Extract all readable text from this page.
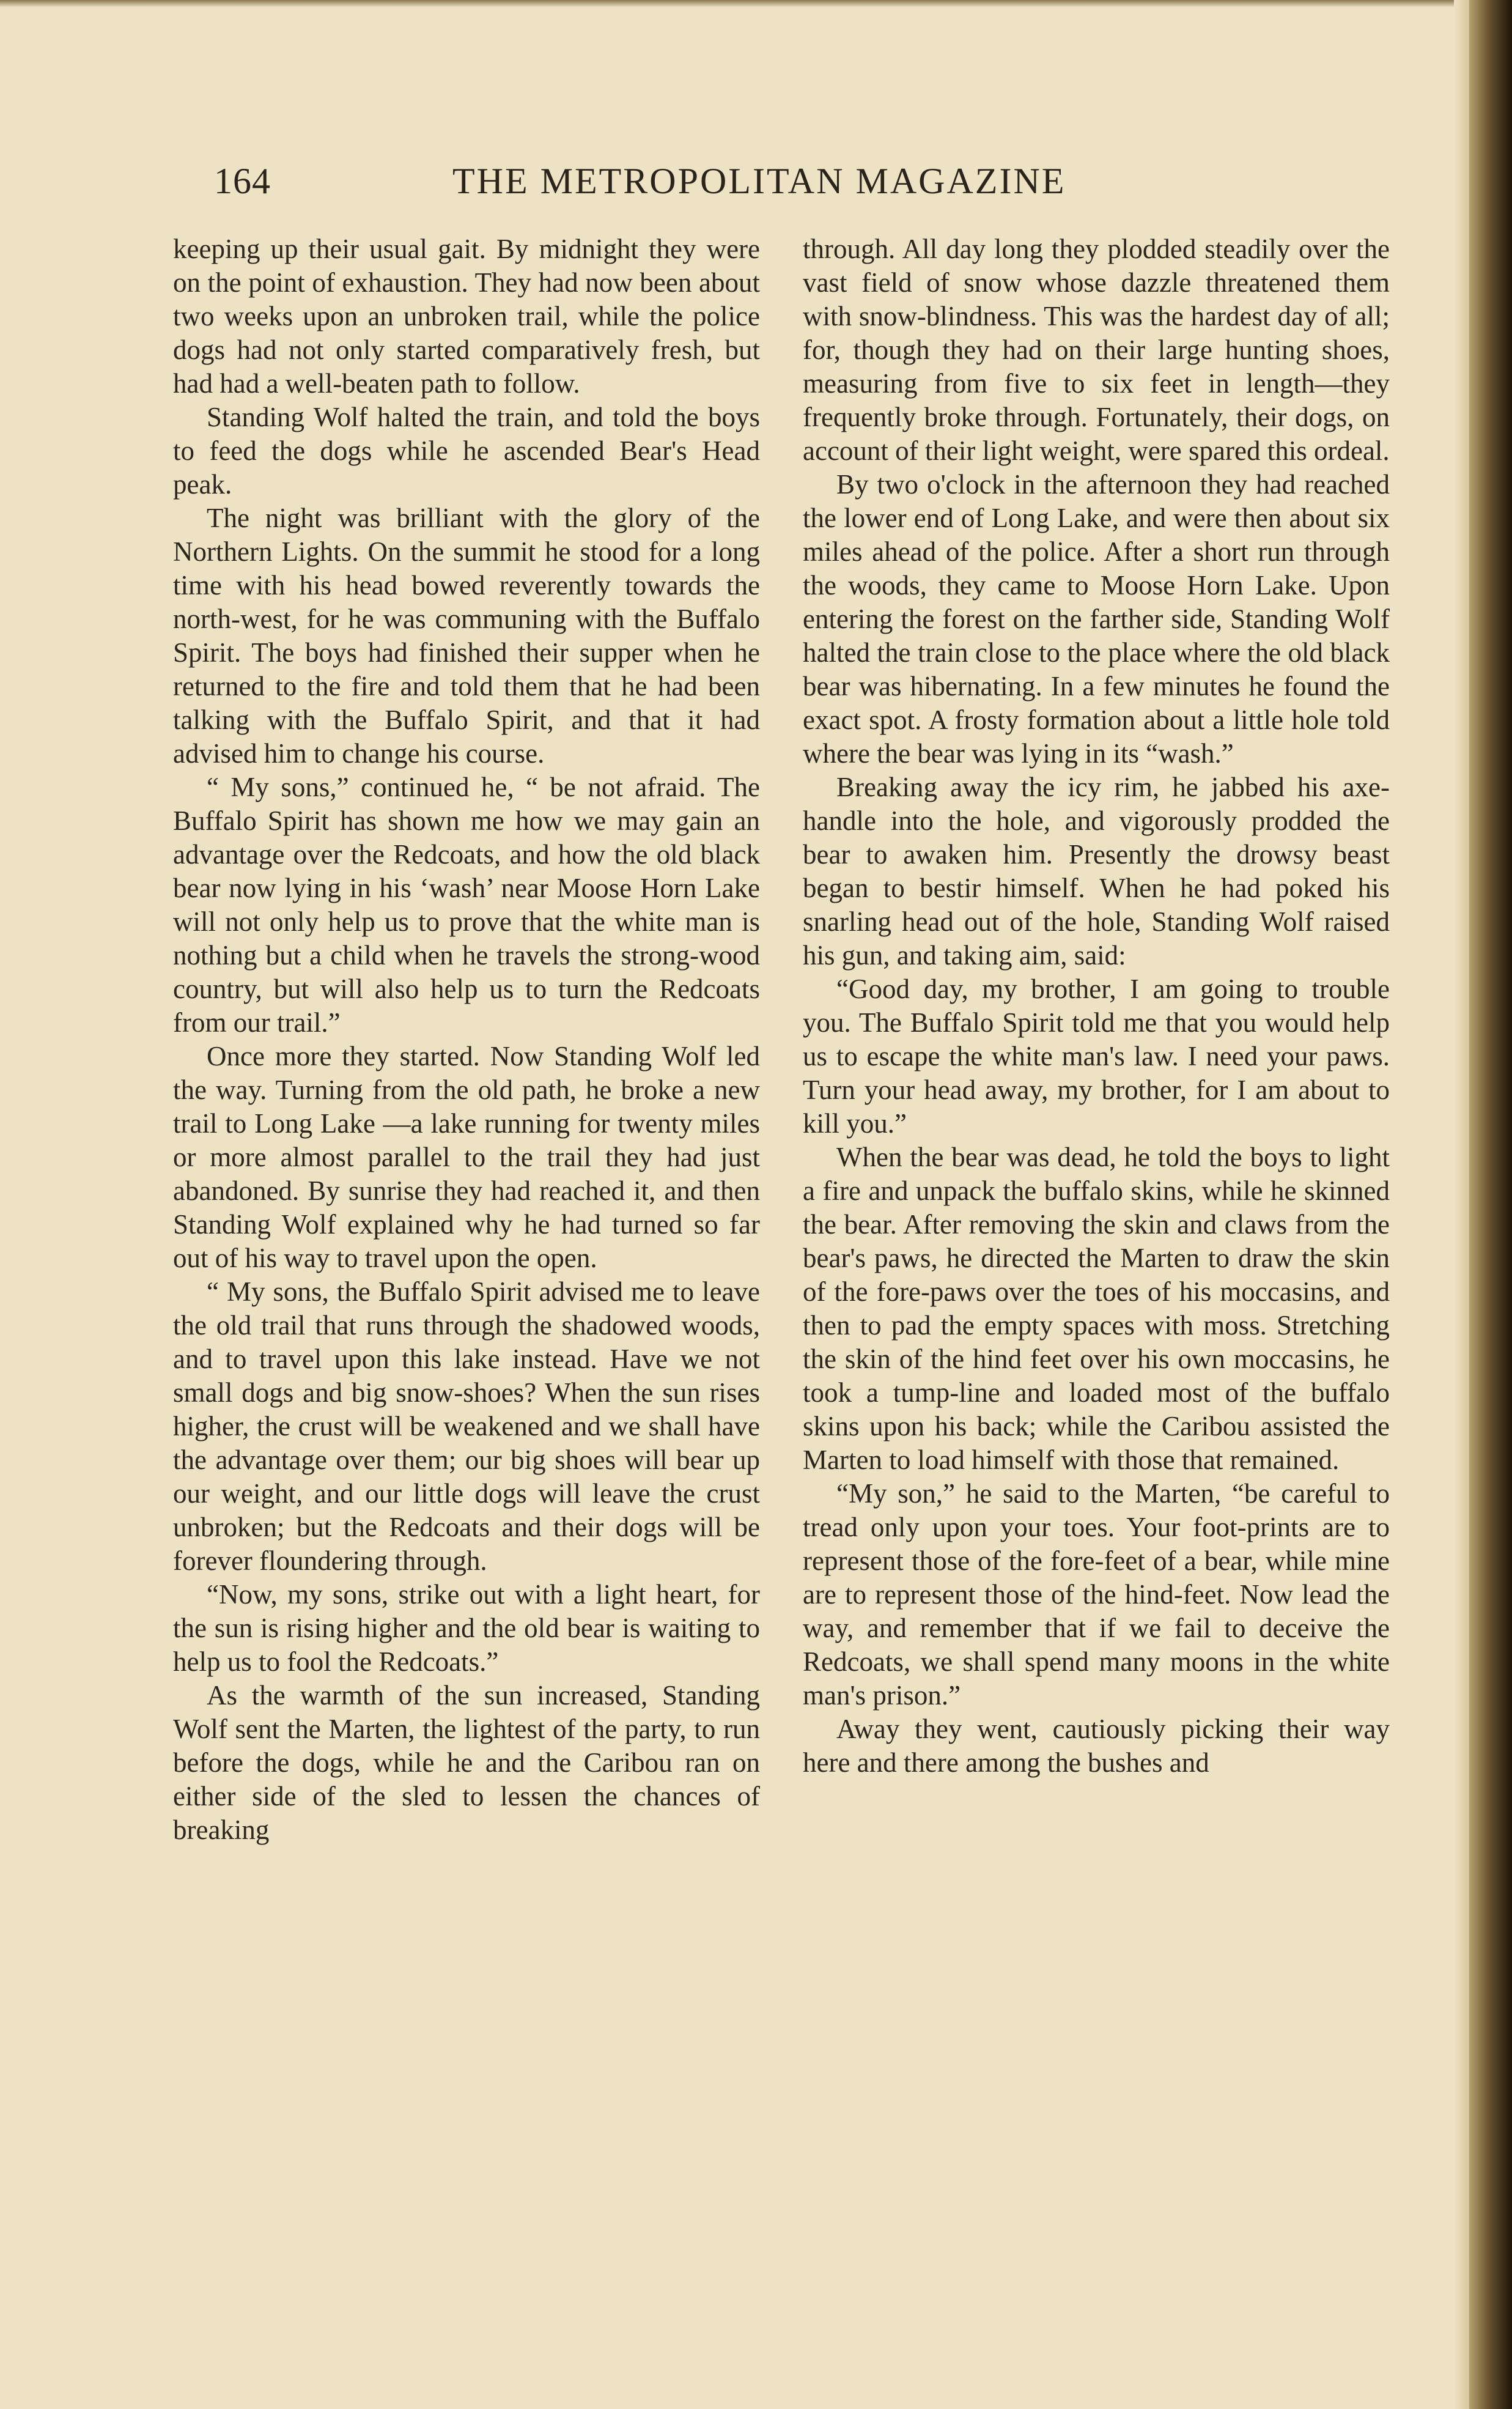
164	THE METROPOLITAN MAGAZINE

keeping up their usual gait. By midnight they were on the point of exhaustion. They had now been about two weeks upon an unbroken trail, while the police dogs had not only started comparatively fresh, but had had a well-beaten path to follow.

Standing Wolf halted the train, and told the boys to feed the dogs while he ascended Bear's Head peak.

The night was brilliant with the glory of the Northern Lights. On the summit he stood for a long time with his head bowed reverently towards the north-west, for he was communing with the Buffalo Spirit. The boys had finished their supper when he returned to the fire and told them that he had been talking with the Buffalo Spirit, and that it had advised him to change his course.

“ My sons,” continued he, “ be not afraid. The Buffalo Spirit has shown me how we may gain an advantage over the Redcoats, and how the old black bear now lying in his ‘wash’ near Moose Horn Lake will not only help us to prove that the white man is nothing but a child when he travels the strong-wood country, but will also help us to turn the Redcoats from our trail.”

Once more they started. Now Standing Wolf led the way. Turning from the old path, he broke a new trail to Long Lake —a lake running for twenty miles or more almost parallel to the trail they had just abandoned. By sunrise they had reached it, and then Standing Wolf explained why he had turned so far out of his way to travel upon the open.

“ My sons, the Buffalo Spirit advised me to leave the old trail that runs through the shadowed woods, and to travel upon this lake instead. Have we not small dogs and big snow-shoes? When the sun rises higher, the crust will be weakened and we shall have the advantage over them; our big shoes will bear up our weight, and our little dogs will leave the crust unbroken; but the Redcoats and their dogs will be forever floundering through.

“Now, my sons, strike out with a light heart, for the sun is rising higher and the old bear is waiting to help us to fool the Redcoats.”

As the warmth of the sun increased, Standing Wolf sent the Marten, the lightest of the party, to run before the dogs, while he and the Caribou ran on either side of the sled to lessen the chances of breaking

through. All day long they plodded steadily over the vast field of snow whose dazzle threatened them with snow-blindness. This was the hardest day of all; for, though they had on their large hunting shoes, measuring from five to six feet in length—they frequently broke through. Fortunately, their dogs, on account of their light weight, were spared this ordeal.

By two o'clock in the afternoon they had reached the lower end of Long Lake, and were then about six miles ahead of the police. After a short run through the woods, they came to Moose Horn Lake. Upon entering the forest on the farther side, Standing Wolf halted the train close to the place where the old black bear was hibernating. In a few minutes he found the exact spot. A frosty formation about a little hole told where the bear was lying in its “wash.”

Breaking away the icy rim, he jabbed his axe-handle into the hole, and vigorously prodded the bear to awaken him. Presently the drowsy beast began to bestir himself. When he had poked his snarling head out of the hole, Standing Wolf raised his gun, and taking aim, said:

“Good day, my brother, I am going to trouble you. The Buffalo Spirit told me that you would help us to escape the white man's law. I need your paws. Turn your head away, my brother, for I am about to kill you.”

When the bear was dead, he told the boys to light a fire and unpack the buffalo skins, while he skinned the bear. After removing the skin and claws from the bear's paws, he directed the Marten to draw the skin of the fore-paws over the toes of his moccasins, and then to pad the empty spaces with moss. Stretching the skin of the hind feet over his own moccasins, he took a tump-line and loaded most of the buffalo skins upon his back; while the Caribou assisted the Marten to load himself with those that remained.

“My son,” he said to the Marten, “be careful to tread only upon your toes. Your foot-prints are to represent those of the fore-feet of a bear, while mine are to represent those of the hind-feet. Now lead the way, and remember that if we fail to deceive the Redcoats, we shall spend many moons in the white man's prison.”

Away they went, cautiously picking their way here and there among the bushes and
